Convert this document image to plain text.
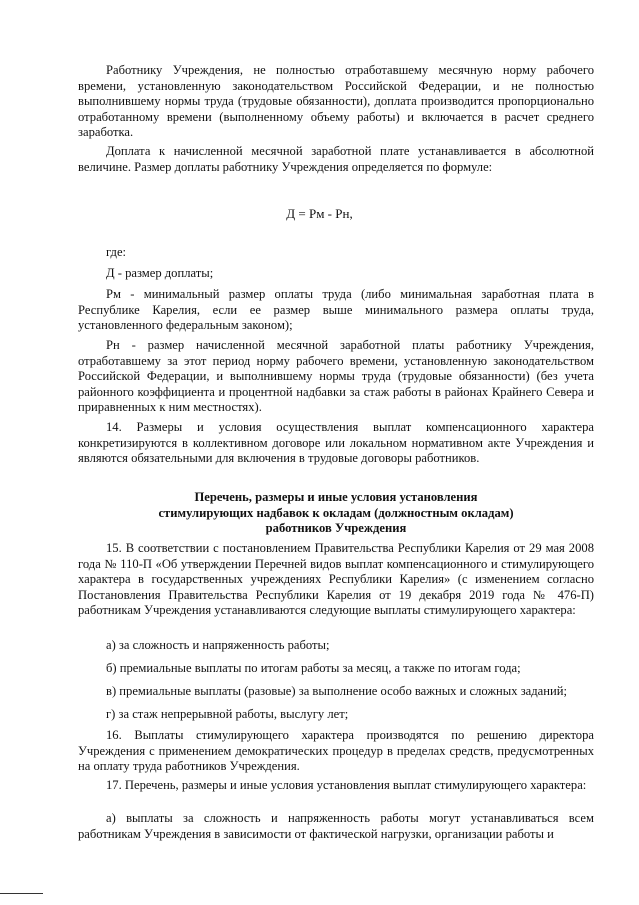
Работнику Учреждения, не полностью отработавшему месячную норму рабочего времени, установленную законодательством Российской Федерации, и не полностью выполнившему нормы труда (трудовые обязанности), доплата производится пропорционально отработанному времени (выполненному объему работы) и включается в расчет среднего заработка.

Доплата к начисленной месячной заработной плате устанавливается в абсолютной величине. Размер доплаты работнику Учреждения определяется по формуле:

Д = Рм - Рн,

где:

Д - размер доплаты;

Рм - минимальный размер оплаты труда (либо минимальная заработная плата в Республике Карелия, если ее размер выше минимального размера оплаты труда, установленного федеральным законом);

Рн - размер начисленной месячной заработной платы работнику Учреждения, отработавшему за этот период норму рабочего времени, установленную законодательством Российской Федерации, и выполнившему нормы труда (трудовые обязанности) (без учета районного коэффициента и процентной надбавки за стаж работы в районах Крайнего Севера и приравненных к ним местностях).

14. Размеры и условия осуществления выплат компенсационного характера конкретизируются в коллективном договоре или локальном нормативном акте Учреждения и являются обязательными для включения в трудовые договоры работников.

Перечень, размеры и иные условия установления
стимулирующих надбавок к окладам (должностным окладам)
работников Учреждения

15. В соответствии с постановлением Правительства Республики Карелия от 29 мая 2008 года № 110-П «Об утверждении Перечней видов выплат компенсационного и стимулирующего характера в государственных учреждениях Республики Карелия» (с изменением согласно Постановления Правительства Республики Карелия от 19 декабря 2019 года № 476-П) работникам Учреждения устанавливаются следующие выплаты стимулирующего характера:

а) за сложность и напряженность работы;

б) премиальные выплаты по итогам работы за месяц, а также по итогам года;

в) премиальные выплаты (разовые) за выполнение особо важных и сложных заданий;

г) за стаж непрерывной работы, выслугу лет;

16. Выплаты стимулирующего характера производятся по решению директора Учреждения с применением демократических процедур в пределах средств, предусмотренных на оплату труда работников Учреждения.

17. Перечень, размеры и иные условия установления выплат стимулирующего характера:

а) выплаты за сложность и напряженность работы могут устанавливаться всем работникам Учреждения в зависимости от фактической нагрузки, организации работы и
